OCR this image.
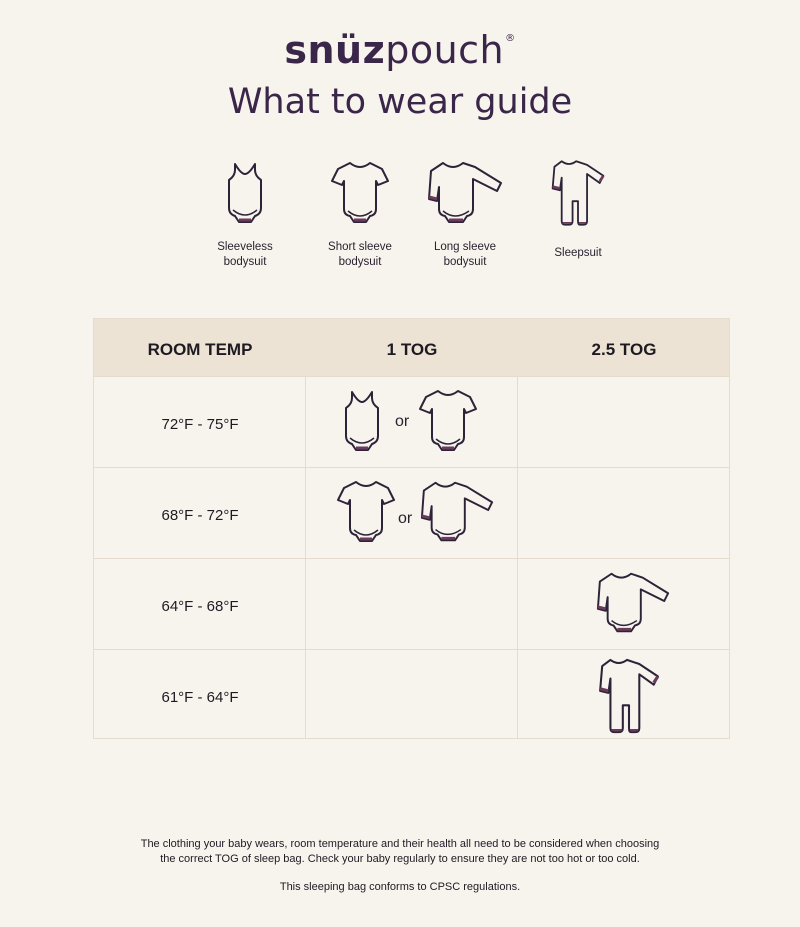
snüzpouch®
What to wear guide
Sleeveless
bodysuit
Short sleeve
bodysuit
Long sleeve
bodysuit
Sleepsuit
ROOM TEMP	1 TOG	2.5 TOG
72°F - 75°F	or
68°F - 72°F	or
64°F - 68°F
61°F - 64°F
The clothing your baby wears, room temperature and their health all need to be considered when choosing
the correct TOG of sleep bag. Check your baby regularly to ensure they are not too hot or too cold.
This sleeping bag conforms to CPSC regulations.
